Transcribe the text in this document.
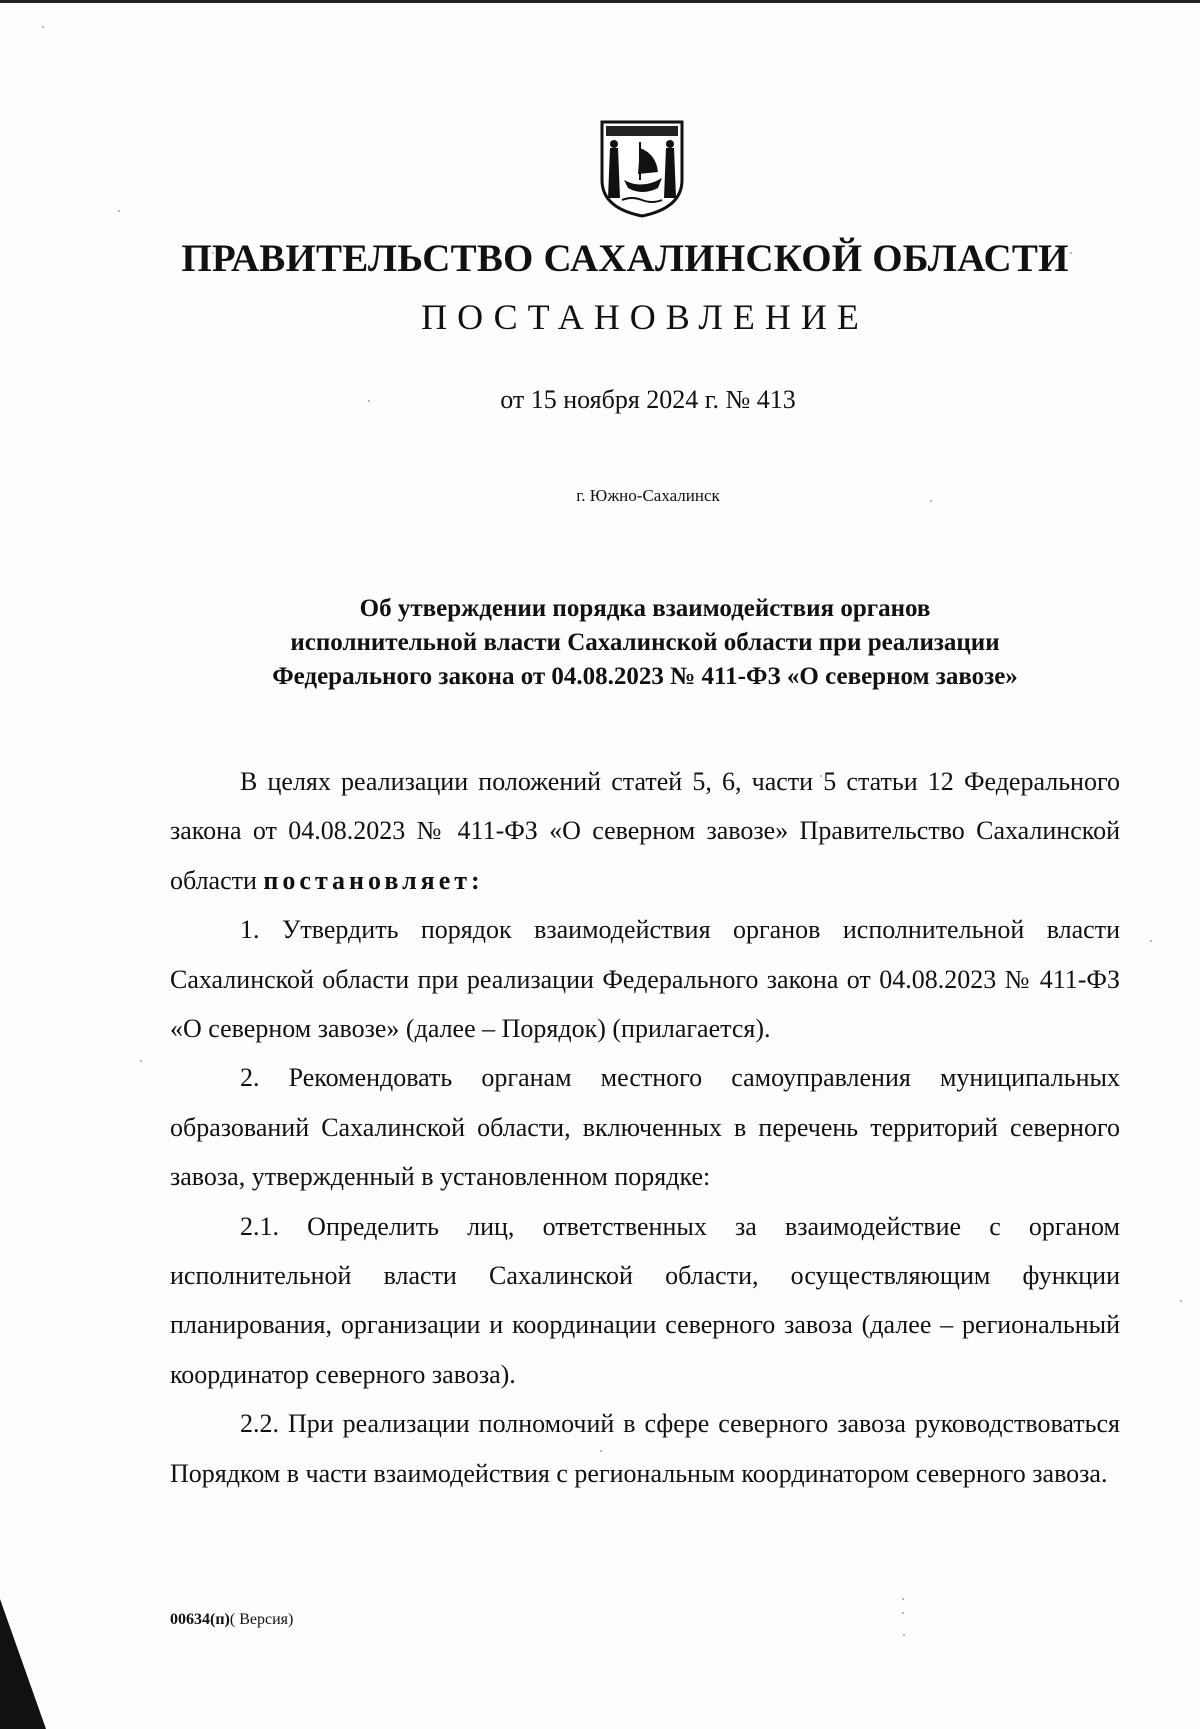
ПРАВИТЕЛЬСТВО САХАЛИНСКОЙ ОБЛАСТИ
ПОСТАНОВЛЕНИЕ
от 15 ноября 2024 г. № 413
г. Южно-Сахалинск
Об утверждении порядка взаимодействия органов
исполнительной власти Сахалинской области при реализации
Федерального закона от 04.08.2023 № 411-ФЗ «О северном завозе»

В целях реализации положений статей 5, 6, части 5 статьи 12 Федерального закона от 04.08.2023 № 411-ФЗ «О северном завозе» Правительство Сахалинской области постановляет:

1. Утвердить порядок взаимодействия органов исполнительной власти Сахалинской области при реализации Федерального закона от 04.08.2023 № 411-ФЗ «О северном завозе» (далее – Порядок) (прилагается).

2. Рекомендовать органам местного самоуправления муниципальных образований Сахалинской области, включенных в перечень территорий северного завоза, утвержденный в установленном порядке:

2.1. Определить лиц, ответственных за взаимодействие с органом исполнительной власти Сахалинской области, осуществляющим функции планирования, организации и координации северного завоза (далее – региональный координатор северного завоза).

2.2. При реализации полномочий в сфере северного завоза руководствоваться Порядком в части взаимодействия с региональным координатором северного завоза.

00634(п)( Версия)
